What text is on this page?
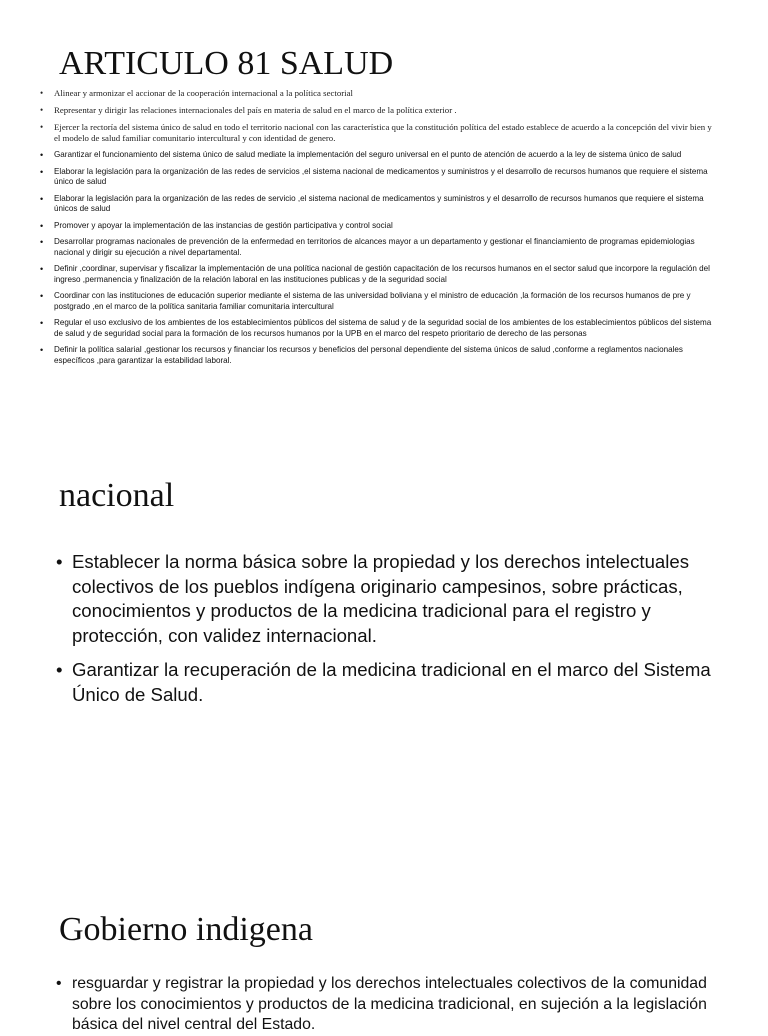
ARTICULO 81 SALUD
• Alinear y armonizar el accionar de la cooperación internacional a la política sectorial
• Representar y dirigir las relaciones internacionales del país en materia de salud en el marco de la política exterior .
• Ejercer la rectoría del sistema único de salud en todo el territorio nacional con las característica que la constitución política del estado establece de acuerdo a la concepción del vivir bien y el modelo de salud familiar comunitario intercultural y con identidad de genero.
• Garantizar el funcionamiento del sistema único de salud mediate la implementación del seguro universal en el punto de atención de acuerdo a la ley de sistema único de salud
• Elaborar la legislación para la organización de las redes de servicios ,el sistema nacional de medicamentos y suministros y el desarrollo de recursos humanos que requiere el sistema único de salud
• Elaborar la legislación para la organización de las redes de servicio ,el sistema nacional de medicamentos y suministros y el desarrollo de recursos humanos que requiere el sistema únicos de salud
• Promover y apoyar la implementación de las instancias de gestión participativa y control social
• Desarrollar programas nacionales de prevención de la enfermedad en territorios de alcances mayor a un departamento y gestionar el financiamiento de programas epidemiologias nacional y dirigir su ejecución a nivel departamental.
• Definir ,coordinar, supervisar y fiscalizar la implementación de una política nacional de gestión capacitación de los recursos humanos en el sector salud que incorpore la regulación del ingreso ,permanencia y finalización de la relación laboral en las instituciones publicas y de la seguridad social
• Coordinar con las instituciones de educación superior mediante el sistema de las universidad boliviana y el ministro de educación ,la formación de los recursos humanos de pre y postgrado ,en el marco de la política sanitaria familiar comunitaria intercultural
• Regular el uso exclusivo de los ambientes de los establecimientos públicos del sistema de salud y de la seguridad social de los ambientes de los establecimientos públicos del sistema de salud y de seguridad social para la formación de los recursos humanos por la UPB en el marco del respeto prioritario de derecho de las personas
• Definir la política salarial ,gestionar los recursos y financiar los recursos y beneficios del personal dependiente del sistema únicos de salud ,conforme a reglamentos nacionales específicos ,para garantizar la estabilidad laboral.
nacional
• Establecer la norma básica sobre la propiedad y los derechos intelectuales colectivos de los pueblos indígena originario campesinos, sobre prácticas, conocimientos y productos de la medicina tradicional para el registro y protección, con validez internacional.
• Garantizar la recuperación de la medicina tradicional en el marco del Sistema Único de Salud.
Gobierno indigena
• resguardar y registrar la propiedad y los derechos intelectuales colectivos de la comunidad sobre los conocimientos y productos de la medicina tradicional, en sujeción a la legislación básica del nivel central del Estado.
